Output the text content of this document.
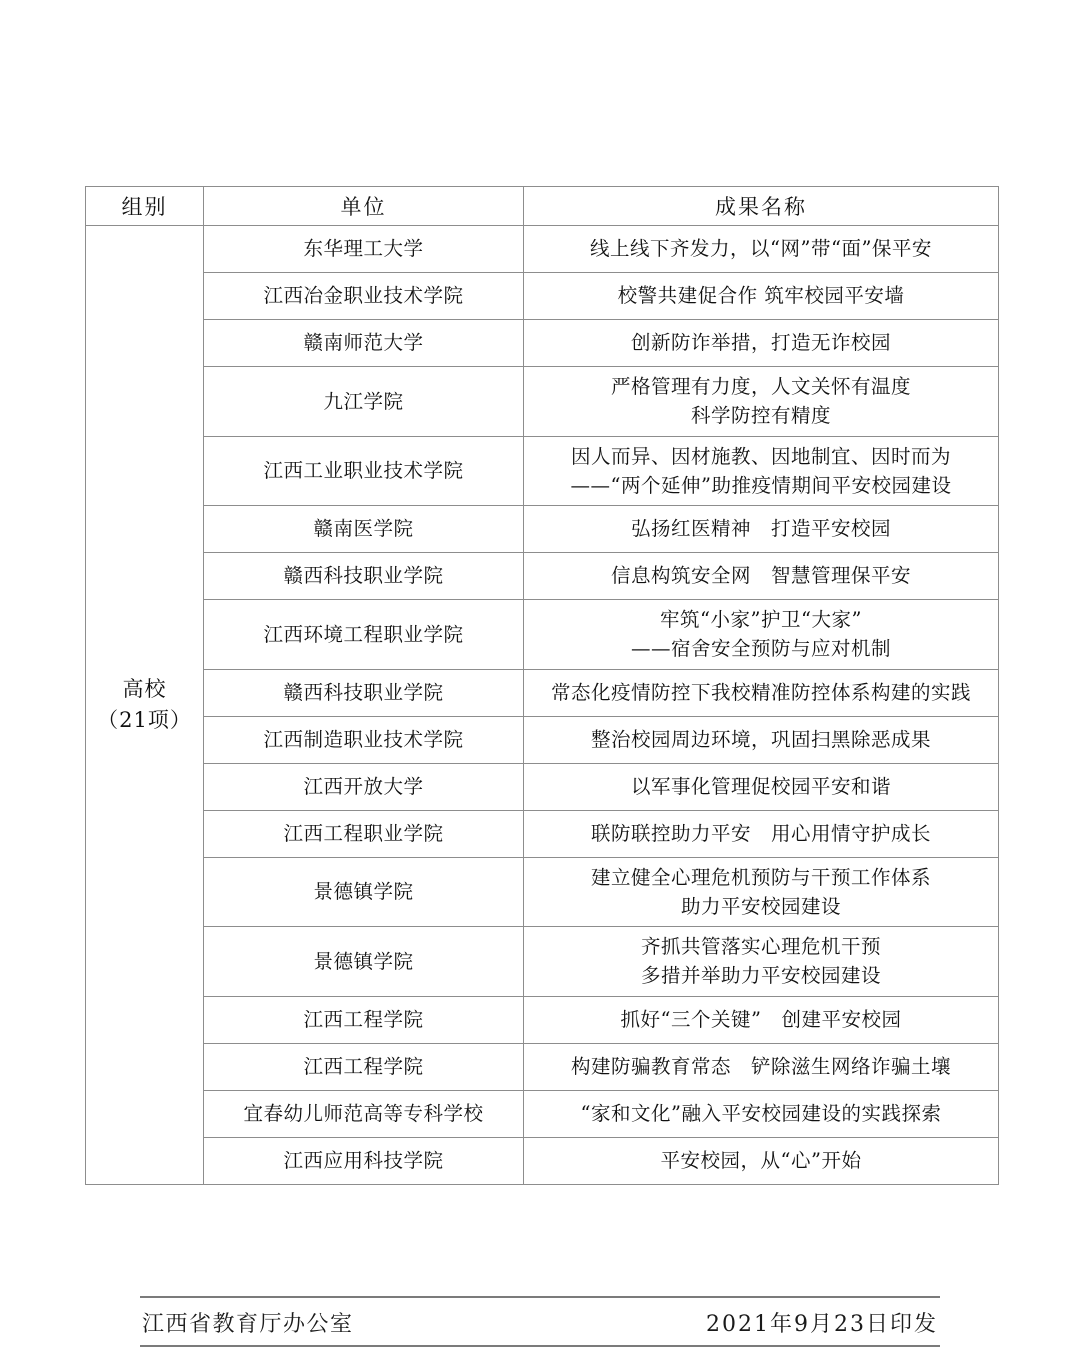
组别	单位	成果名称

高校
（21项）	东华理工大学	线上线下齐发力，以“网”带“面”保平安

	江西冶金职业技术学院	校警共建促合作 筑牢校园平安墙

	赣南师范大学	创新防诈举措，打造无诈校园

	九江学院	严格管理有力度，人文关怀有温度
科学防控有精度

	江西工业职业技术学院	因人而异、因材施教、因地制宜、因时而为
——“两个延伸”助推疫情期间平安校园建设

	赣南医学院	弘扬红医精神　打造平安校园

	赣西科技职业学院	信息构筑安全网　智慧管理保平安

	江西环境工程职业学院	牢筑“小家”护卫“大家”
——宿舍安全预防与应对机制

	赣西科技职业学院	常态化疫情防控下我校精准防控体系构建的实践

	江西制造职业技术学院	整治校园周边环境，巩固扫黑除恶成果

	江西开放大学	以军事化管理促校园平安和谐

	江西工程职业学院	联防联控助力平安　用心用情守护成长

	景德镇学院	建立健全心理危机预防与干预工作体系
助力平安校园建设

	景德镇学院	齐抓共管落实心理危机干预
多措并举助力平安校园建设

	江西工程学院	抓好“三个关键”　创建平安校园

	江西工程学院	构建防骗教育常态　铲除滋生网络诈骗土壤

	宜春幼儿师范高等专科学校	“家和文化”融入平安校园建设的实践探索

	江西应用科技学院	平安校园，从“心”开始
江西省教育厅办公室	2021年9月23日印发
